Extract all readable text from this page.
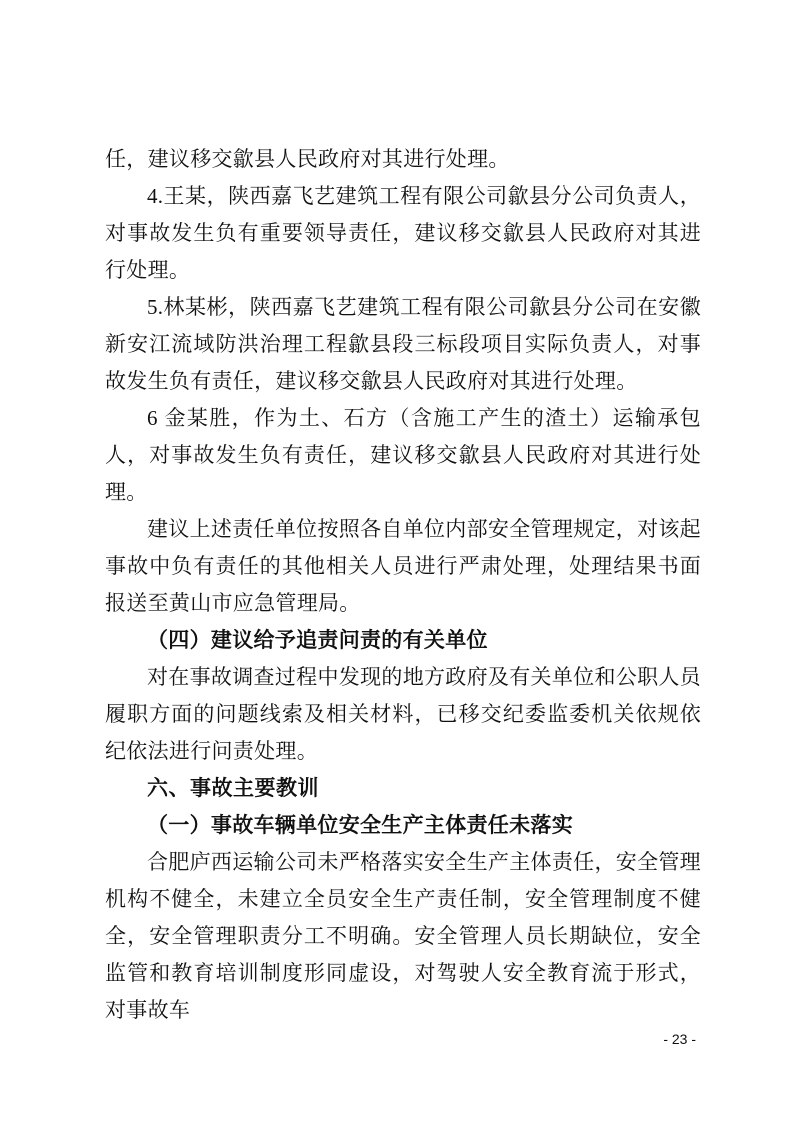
任，建议移交歙县人民政府对其进行处理。

4.王某，陕西嘉飞艺建筑工程有限公司歙县分公司负责人，对事故发生负有重要领导责任，建议移交歙县人民政府对其进行处理。

5.林某彬，陕西嘉飞艺建筑工程有限公司歙县分公司在安徽新安江流域防洪治理工程歙县段三标段项目实际负责人，对事故发生负有责任，建议移交歙县人民政府对其进行处理。

6 金某胜，作为土、石方（含施工产生的渣土）运输承包人，对事故发生负有责任，建议移交歙县人民政府对其进行处理。

建议上述责任单位按照各自单位内部安全管理规定，对该起事故中负有责任的其他相关人员进行严肃处理，处理结果书面报送至黄山市应急管理局。

（四）建议给予追责问责的有关单位

对在事故调查过程中发现的地方政府及有关单位和公职人员履职方面的问题线索及相关材料，已移交纪委监委机关依规依纪依法进行问责处理。

六、事故主要教训

（一）事故车辆单位安全生产主体责任未落实

合肥庐西运输公司未严格落实安全生产主体责任，安全管理机构不健全，未建立全员安全生产责任制，安全管理制度不健全，安全管理职责分工不明确。安全管理人员长期缺位，安全监管和教育培训制度形同虚设，对驾驶人安全教育流于形式，对事故车

- 23 -
